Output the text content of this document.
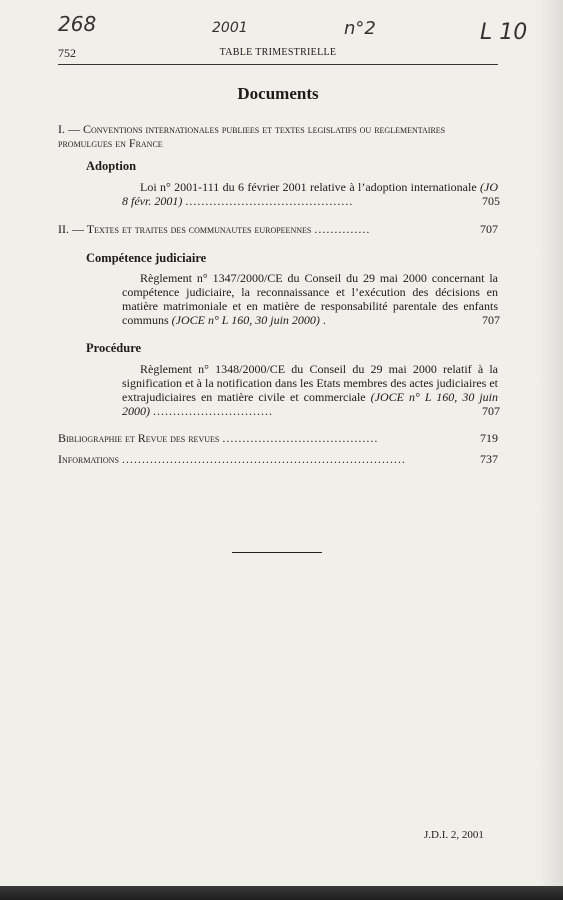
268	2001	n°2	L 10
752	TABLE TRIMESTRIELLE
Documents
I. — Conventions internationales publiees et textes legislatifs ou reglementaires promulgues en France
Adoption
Loi n° 2001-111 du 6 février 2001 relative à l’adoption internationale (JO 8 févr. 2001) ..........................................	705
II. — Textes et traites des communautes europeennes ..............	707
Compétence judiciaire
Règlement n° 1347/2000/CE du Conseil du 29 mai 2000 concernant la compétence judiciaire, la reconnaissance et l’exécution des décisions en matière matrimoniale et en matière de responsabilité parentale des enfants communs (JOCE n° L 160, 30 juin 2000) .	707
Procédure
Règlement n° 1348/2000/CE du Conseil du 29 mai 2000 relatif à la signification et à la notification dans les Etats membres des actes judiciaires et extrajudiciaires en matière civile et commerciale (JOCE n° L 160, 30 juin 2000) ..............................	707
Bibliographie et Revue des revues .......................................	719
Informations .......................................................................	737
J.D.I. 2, 2001
